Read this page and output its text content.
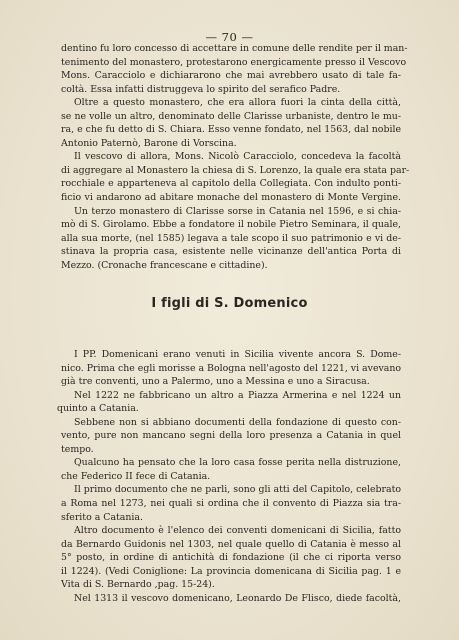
— 70 —
dentino fu loro concesso di accettare in comune delle rendite per il man-
tenimento del monastero, protestarono energicamente presso il Vescovo
Mons. Caracciolo e dichiararono che mai avrebbero usato di tale fa-
coltà. Essa infatti distruggeva lo spirito del serafico Padre.
Oltre a questo monastero, che era allora fuori la cinta della città,
se ne volle un altro, denominato delle Clarisse urbaniste, dentro le mu-
ra, e che fu detto di S. Chiara. Esso venne fondato, nel 1563, dal nobile
Antonio Paternò, Barone di Vorscina.
Il vescovo di allora, Mons. Nicolò Caracciolo, concedeva la facoltà
di aggregare al Monastero la chiesa di S. Lorenzo, la quale era stata par-
rocchiale e apparteneva al capitolo della Collegiata. Con indulto ponti-
ficio vi andarono ad abitare monache del monastero di Monte Vergine.
Un terzo monastero di Clarisse sorse in Catania nel 1596, e si chia-
mò di S. Girolamo. Ebbe a fondatore il nobile Pietro Seminara, il quale,
alla sua morte, (nel 1585) legava a tale scopo il suo patrimonio e vi de-
stinava la propria casa, esistente nelle vicinanze dell'antica Porta di
Mezzo. (Cronache francescane e cittadine).
I figli di S. Domenico
I PP. Domenicani erano venuti in Sicilia vivente ancora S. Dome-
nico. Prima che egli morisse a Bologna nell'agosto del 1221, vi avevano
già tre conventi, uno a Palermo, uno a Messina e uno a Siracusa.
Nel 1222 ne fabbricano un altro a Piazza Armerina e nel 1224 un
quinto a Catania.
Sebbene non si abbiano documenti della fondazione di questo con-
vento, pure non mancano segni della loro presenza a Catania in quel
tempo.
Qualcuno ha pensato che la loro casa fosse perita nella distruzione,
che Federico II fece di Catania.
Il primo documento che ne parli, sono gli atti del Capitolo, celebrato
a Roma nel 1273, nei quali si ordina che il convento di Piazza sia tra-
sferito a Catania.
Altro documento è l'elenco dei conventi domenicani di Sicilia, fatto
da Bernardo Guidonis nel 1303, nel quale quello di Catania è messo al
5° posto, in ordine di antichità di fondazione (il che ci riporta verso
il 1224). (Vedi Coniglione: La provincia domenicana di Sicilia pag. 1 e
Vita di S. Bernardo ,pag. 15-24).
Nel 1313 il vescovo domenicano, Leonardo De Flisco, diede facoltà,
